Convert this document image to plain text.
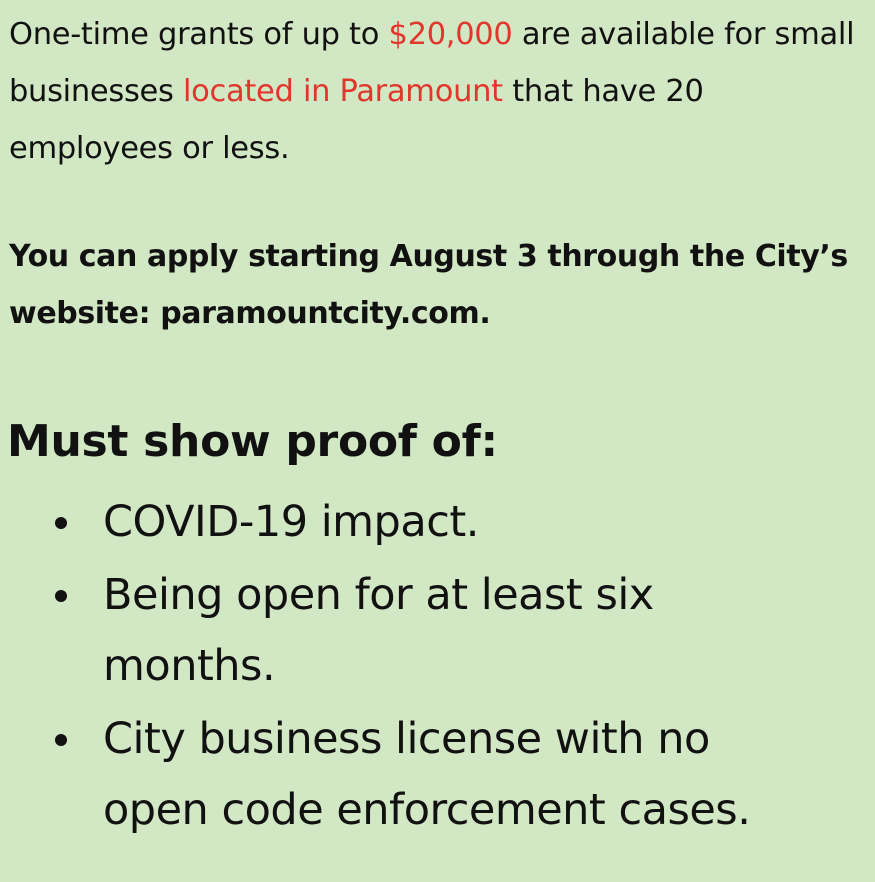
One-time grants of up to $20,000 are available for small businesses located in Paramount that have 20 employees or less.
You can apply starting August 3 through the City’s website: paramountcity.com.
Must show proof of:
COVID-19 impact.
Being open for at least six months.
City business license with no open code enforcement cases.
